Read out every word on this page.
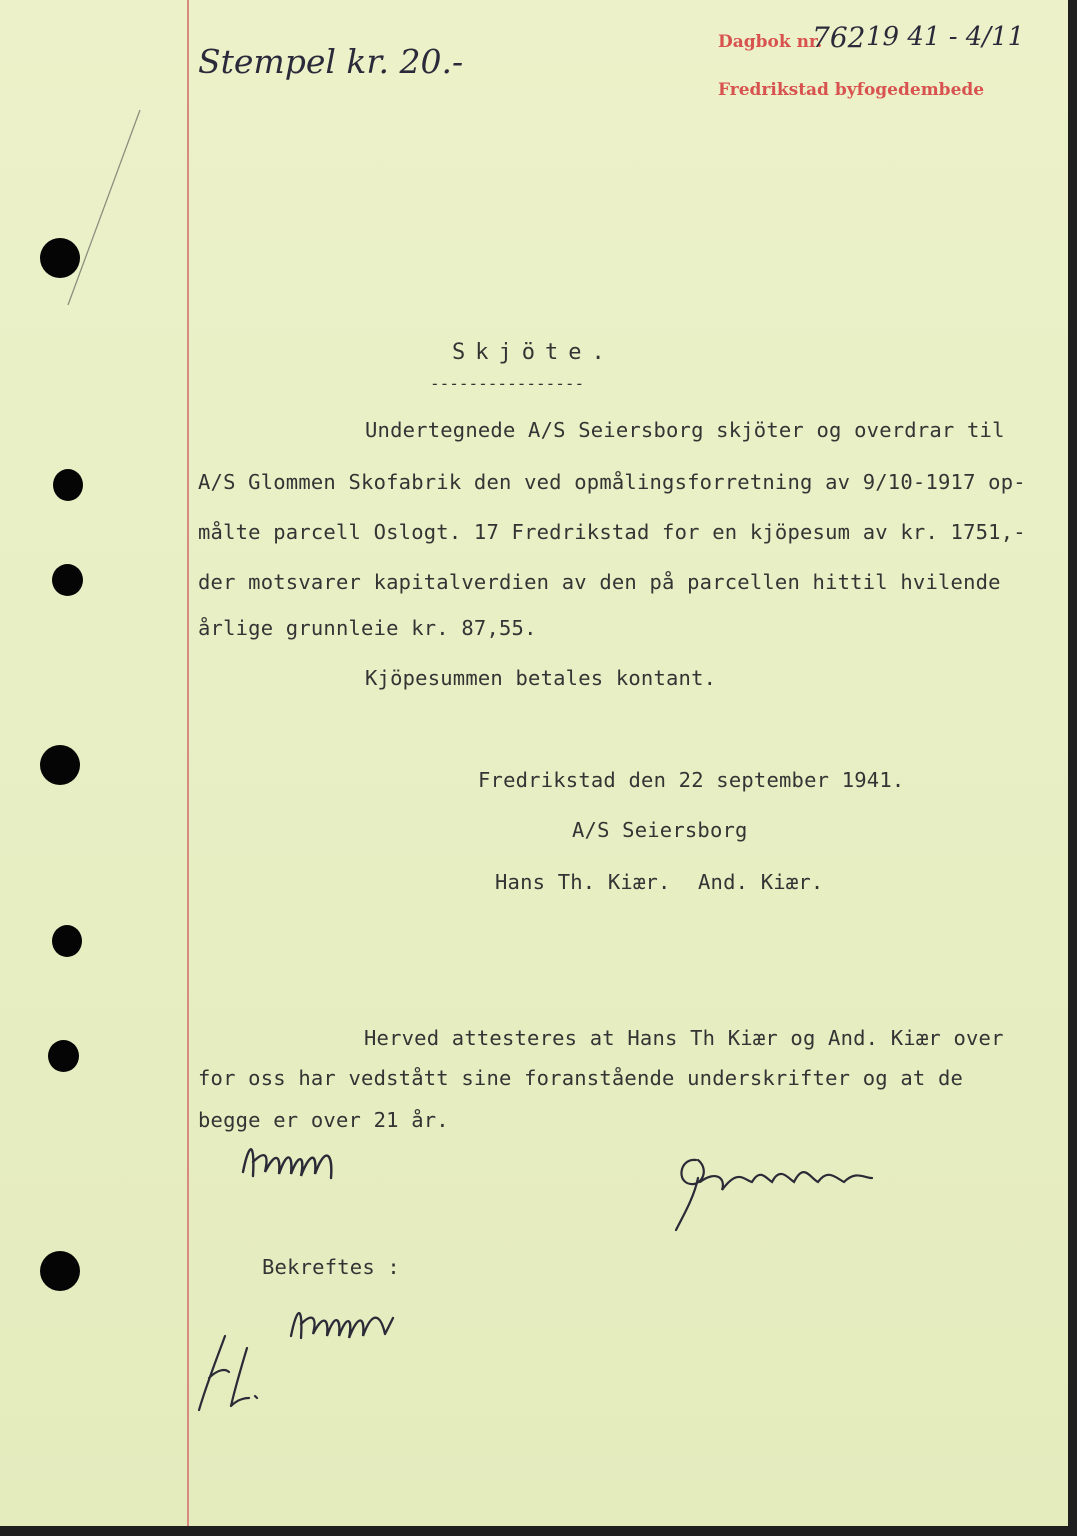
Stempel kr. 20.-	Dagbok nr.
762 19 41 - 4/11
Fredrikstad byfogedembede
Skjöte.
----------------
Undertegnede A/S Seiersborg skjöter og overdrar til
A/S Glommen Skofabrik den ved opmålingsforretning av 9/10-1917 op-
målte parcell Oslogt. 17 Fredrikstad for en kjöpesum av kr. 1751,-
der motsvarer kapitalverdien av den på parcellen hittil hvilende
årlige grunnleie kr. 87,55.
Kjöpesummen betales kontant.
Fredrikstad den 22 september 1941.
A/S Seiersborg
Hans Th. Kiær. And. Kiær.
Herved attesteres at Hans Th Kiær og And. Kiær over
for oss har vedstått sine foranstående underskrifter og at de
begge er over 21 år.
Bekreftes :
